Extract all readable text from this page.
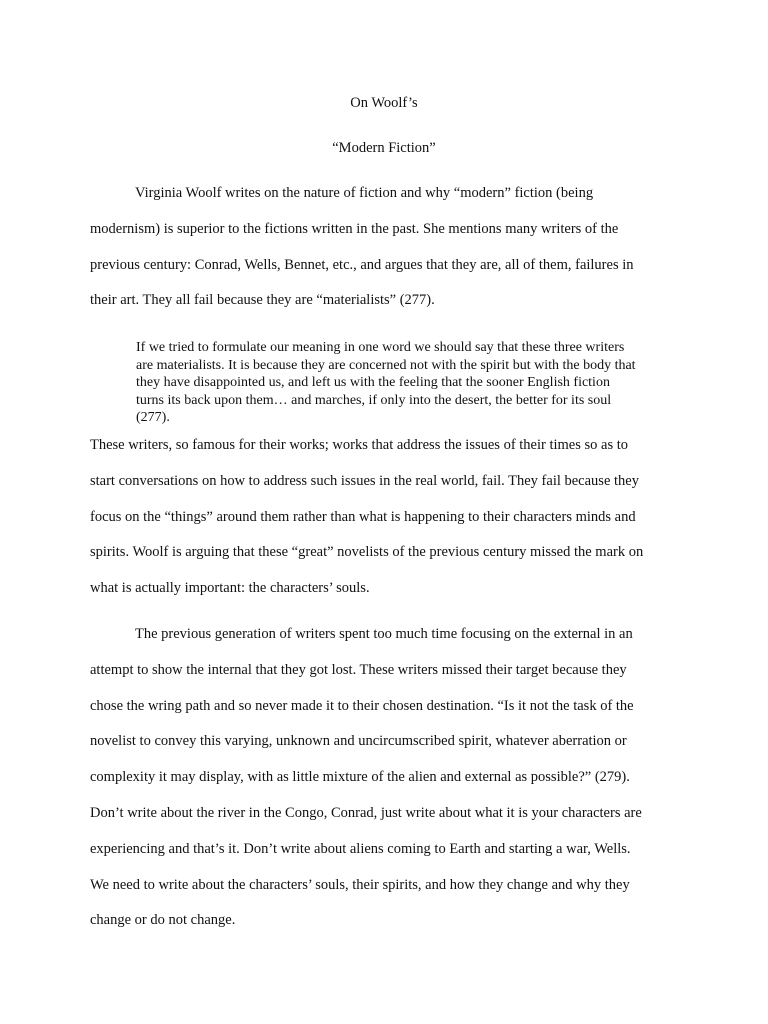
On Woolf’s
“Modern Fiction”

Virginia Woolf writes on the nature of fiction and why “modern” fiction (being
modernism) is superior to the fictions written in the past. She mentions many writers of the
previous century: Conrad, Wells, Bennet, etc., and argues that they are, all of them, failures in
their art. They all fail because they are “materialists” (277).

If we tried to formulate our meaning in one word we should say that these three writers
are materialists. It is because they are concerned not with the spirit but with the body that
they have disappointed us, and left us with the feeling that the sooner English fiction
turns its back upon them… and marches, if only into the desert, the better for its soul
(277).

These writers, so famous for their works; works that address the issues of their times so as to
start conversations on how to address such issues in the real world, fail. They fail because they
focus on the “things” around them rather than what is happening to their characters minds and
spirits. Woolf is arguing that these “great” novelists of the previous century missed the mark on
what is actually important: the characters’ souls.

The previous generation of writers spent too much time focusing on the external in an
attempt to show the internal that they got lost. These writers missed their target because they
chose the wring path and so never made it to their chosen destination. “Is it not the task of the
novelist to convey this varying, unknown and uncircumscribed spirit, whatever aberration or
complexity it may display, with as little mixture of the alien and external as possible?” (279).
Don’t write about the river in the Congo, Conrad, just write about what it is your characters are
experiencing and that’s it. Don’t write about aliens coming to Earth and starting a war, Wells.
We need to write about the characters’ souls, their spirits, and how they change and why they
change or do not change.
